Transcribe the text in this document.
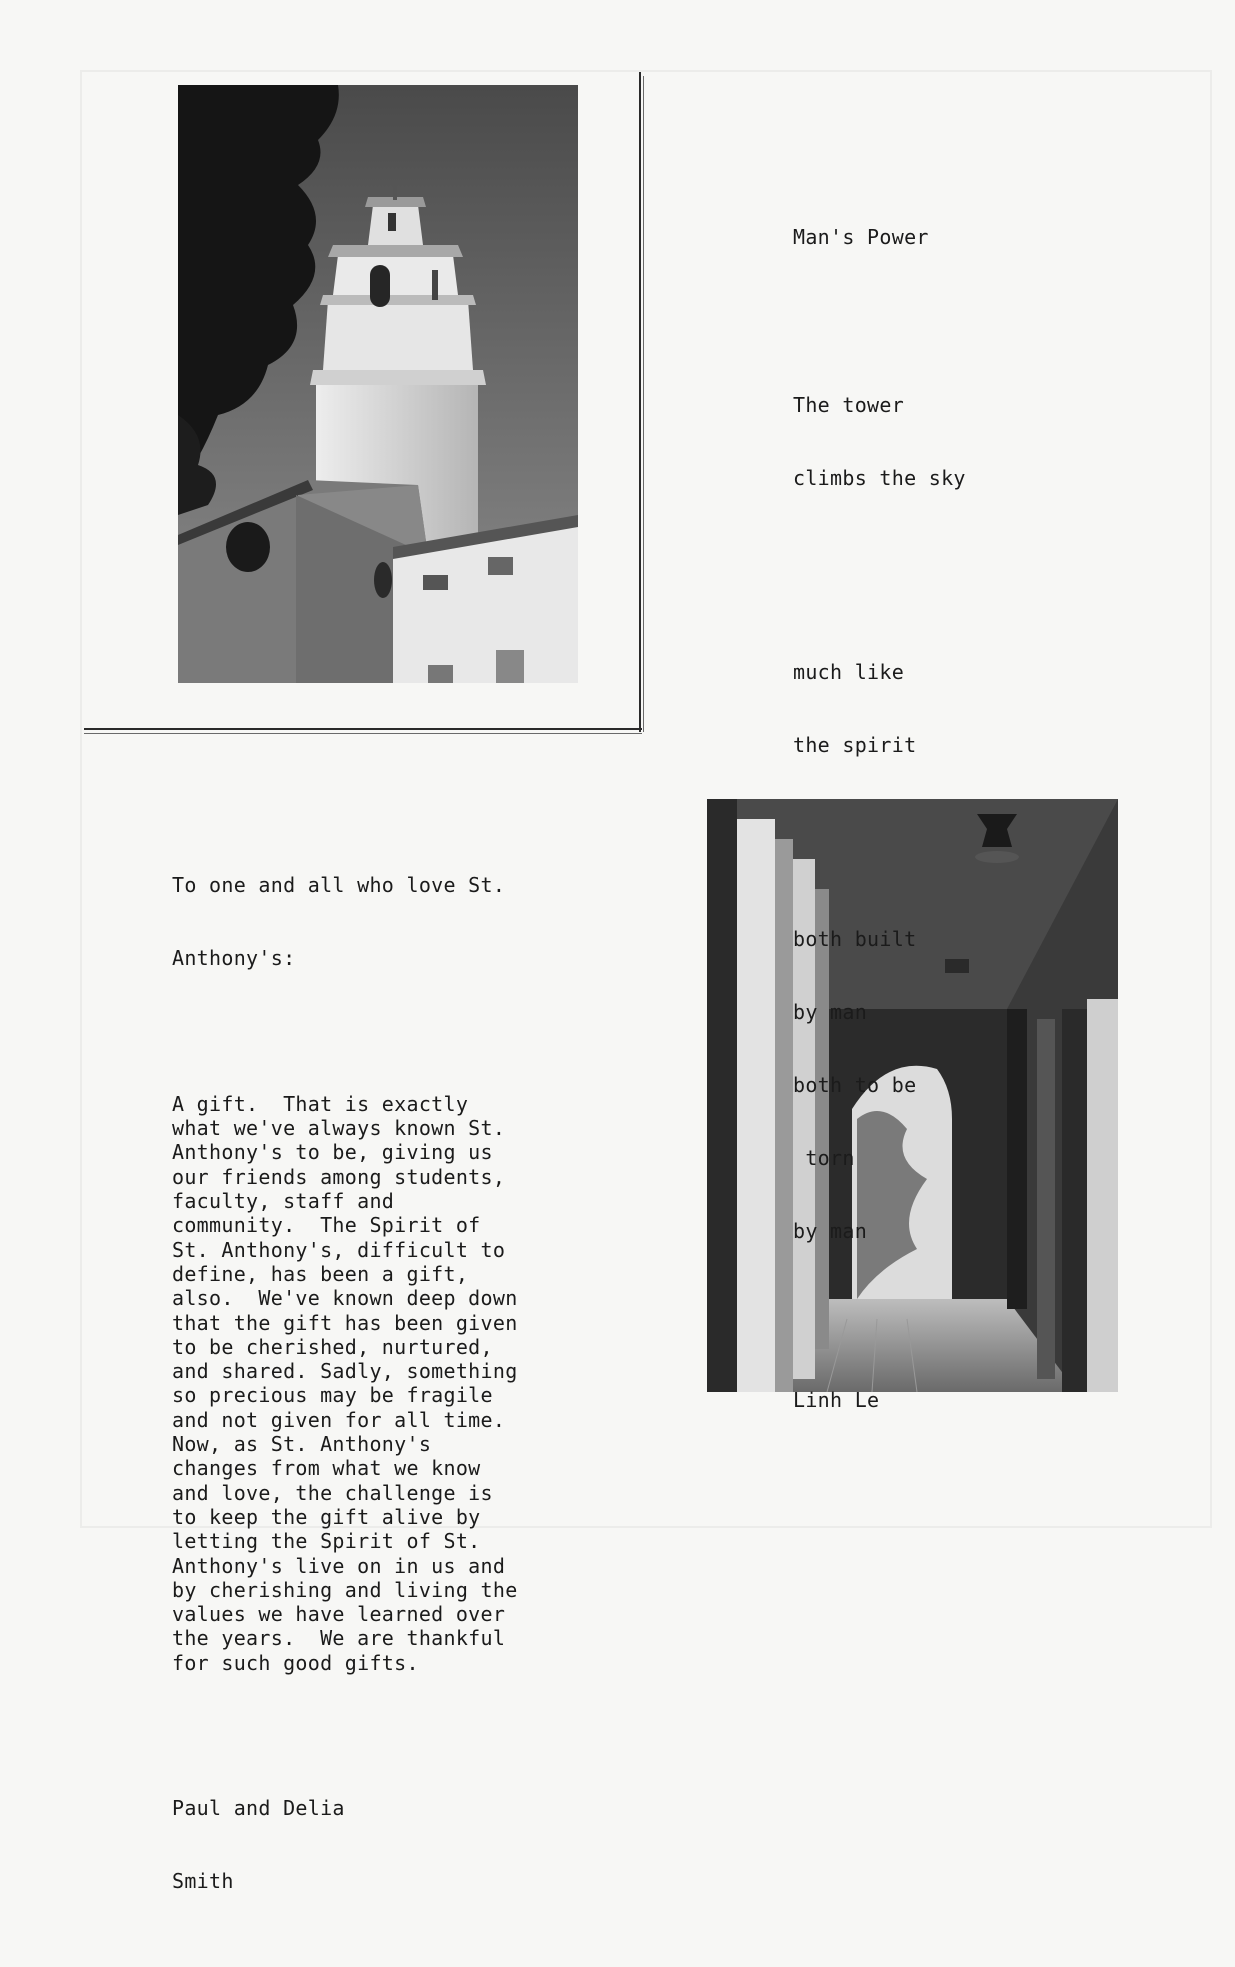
Man's Power

The tower

climbs the sky

much like

the spirit

both built

by man

both to be

torn

by man

Linh Le

To one and all who love St.

Anthony's:

A gift.  That is exactly
what we've always known St.
Anthony's to be, giving us
our friends among students,
faculty, staff and
community.  The Spirit of
St. Anthony's, difficult to
define, has been a gift,
also.  We've known deep down
that the gift has been given
to be cherished, nurtured,
and shared. Sadly, something
so precious may be fragile
and not given for all time.
Now, as St. Anthony's
changes from what we know
and love, the challenge is
to keep the gift alive by
letting the Spirit of St.
Anthony's live on in us and
by cherishing and living the
values we have learned over
the years.  We are thankful
for such good gifts.

Paul and Delia

Smith
